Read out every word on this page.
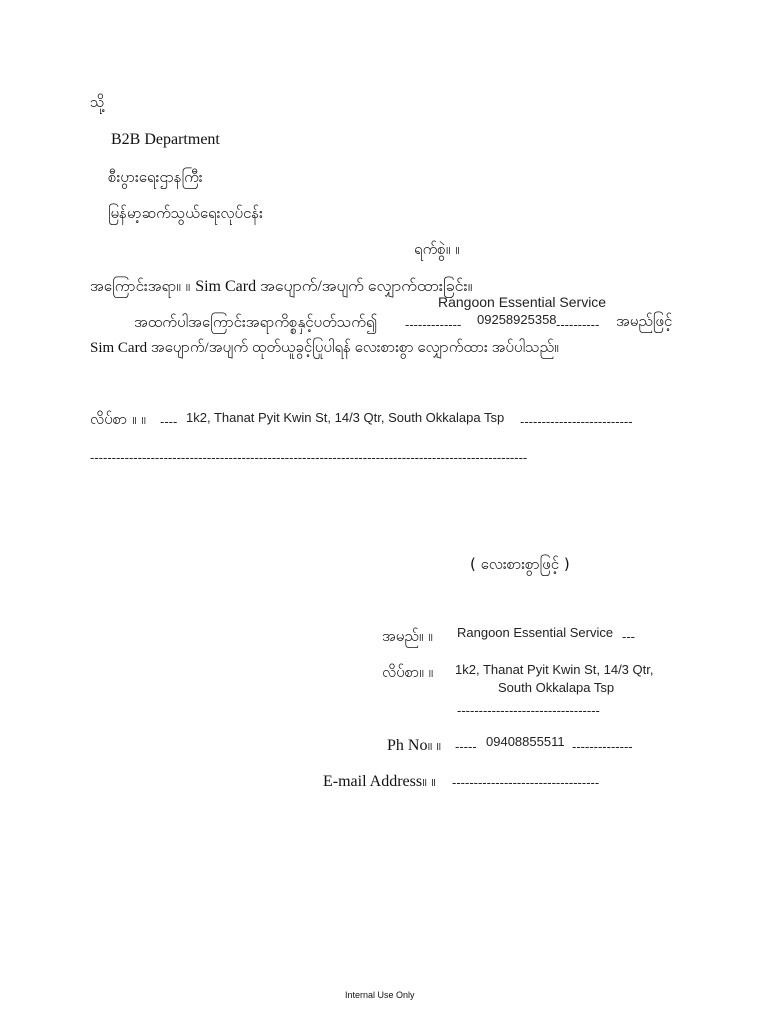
သို့
B2B Department
စီးပွားရေးဌာနကြီး
မြန်မာ့ဆက်သွယ်ရေးလုပ်ငန်း
ရက်စွဲ။ ။
အကြောင်းအရာ။ ။ Sim Card အပျောက်/အပျက် လျှောက်ထားခြင်း။
Rangoon Essential Service
အထက်ပါအကြောင်းအရာကိစ္စနှင့်ပတ်သက်၍ ------------- 09258925358 ---------- အမည်ဖြင့်
Sim Card အပျောက်/အပျက် ထုတ်ယူခွင့်ပြုပါရန် လေးစားစွာ လျှောက်ထား အပ်ပါသည်။
လိပ်စာ ။ ။ ---- 1k2, Thanat Pyit Kwin St, 14/3 Qtr, South Okkalapa Tsp --------------------------
-----------------------------------------------------------------------------------------------------
( လေးစားစွာဖြင့် )
အမည်။ ။ Rangoon Essential Service ---
လိပ်စာ။ ။ 1k2, Thanat Pyit Kwin St, 14/3 Qtr,
South Okkalapa Tsp
---------------------------------
Ph No။ ။ ----- 09408855511 --------------
E-mail Address။ ။ ----------------------------------
Internal Use Only
